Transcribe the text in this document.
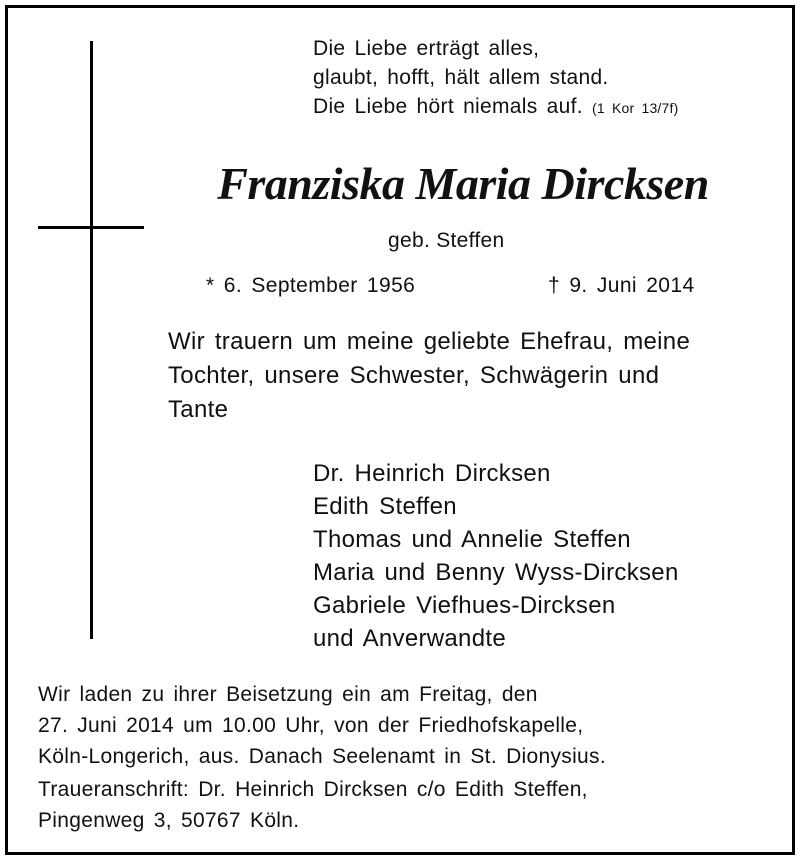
Die Liebe erträgt alles,
glaubt, hofft, hält allem stand.
Die Liebe hört niemals auf. (1 Kor 13/7f)
Franziska Maria Dircksen
geb. Steffen
* 6. September 1956	† 9. Juni 2014
Wir trauern um meine geliebte Ehefrau, meine
Tochter, unsere Schwester, Schwägerin und
Tante
Dr. Heinrich Dircksen
Edith Steffen
Thomas und Annelie Steffen
Maria und Benny Wyss-Dircksen
Gabriele Viefhues-Dircksen
und Anverwandte
Wir laden zu ihrer Beisetzung ein am Freitag, den
27. Juni 2014 um 10.00 Uhr, von der Friedhofskapelle,
Köln-Longerich, aus. Danach Seelenamt in St. Dionysius.
Traueranschrift: Dr. Heinrich Dircksen c/o Edith Steffen,
Pingenweg 3, 50767 Köln.
